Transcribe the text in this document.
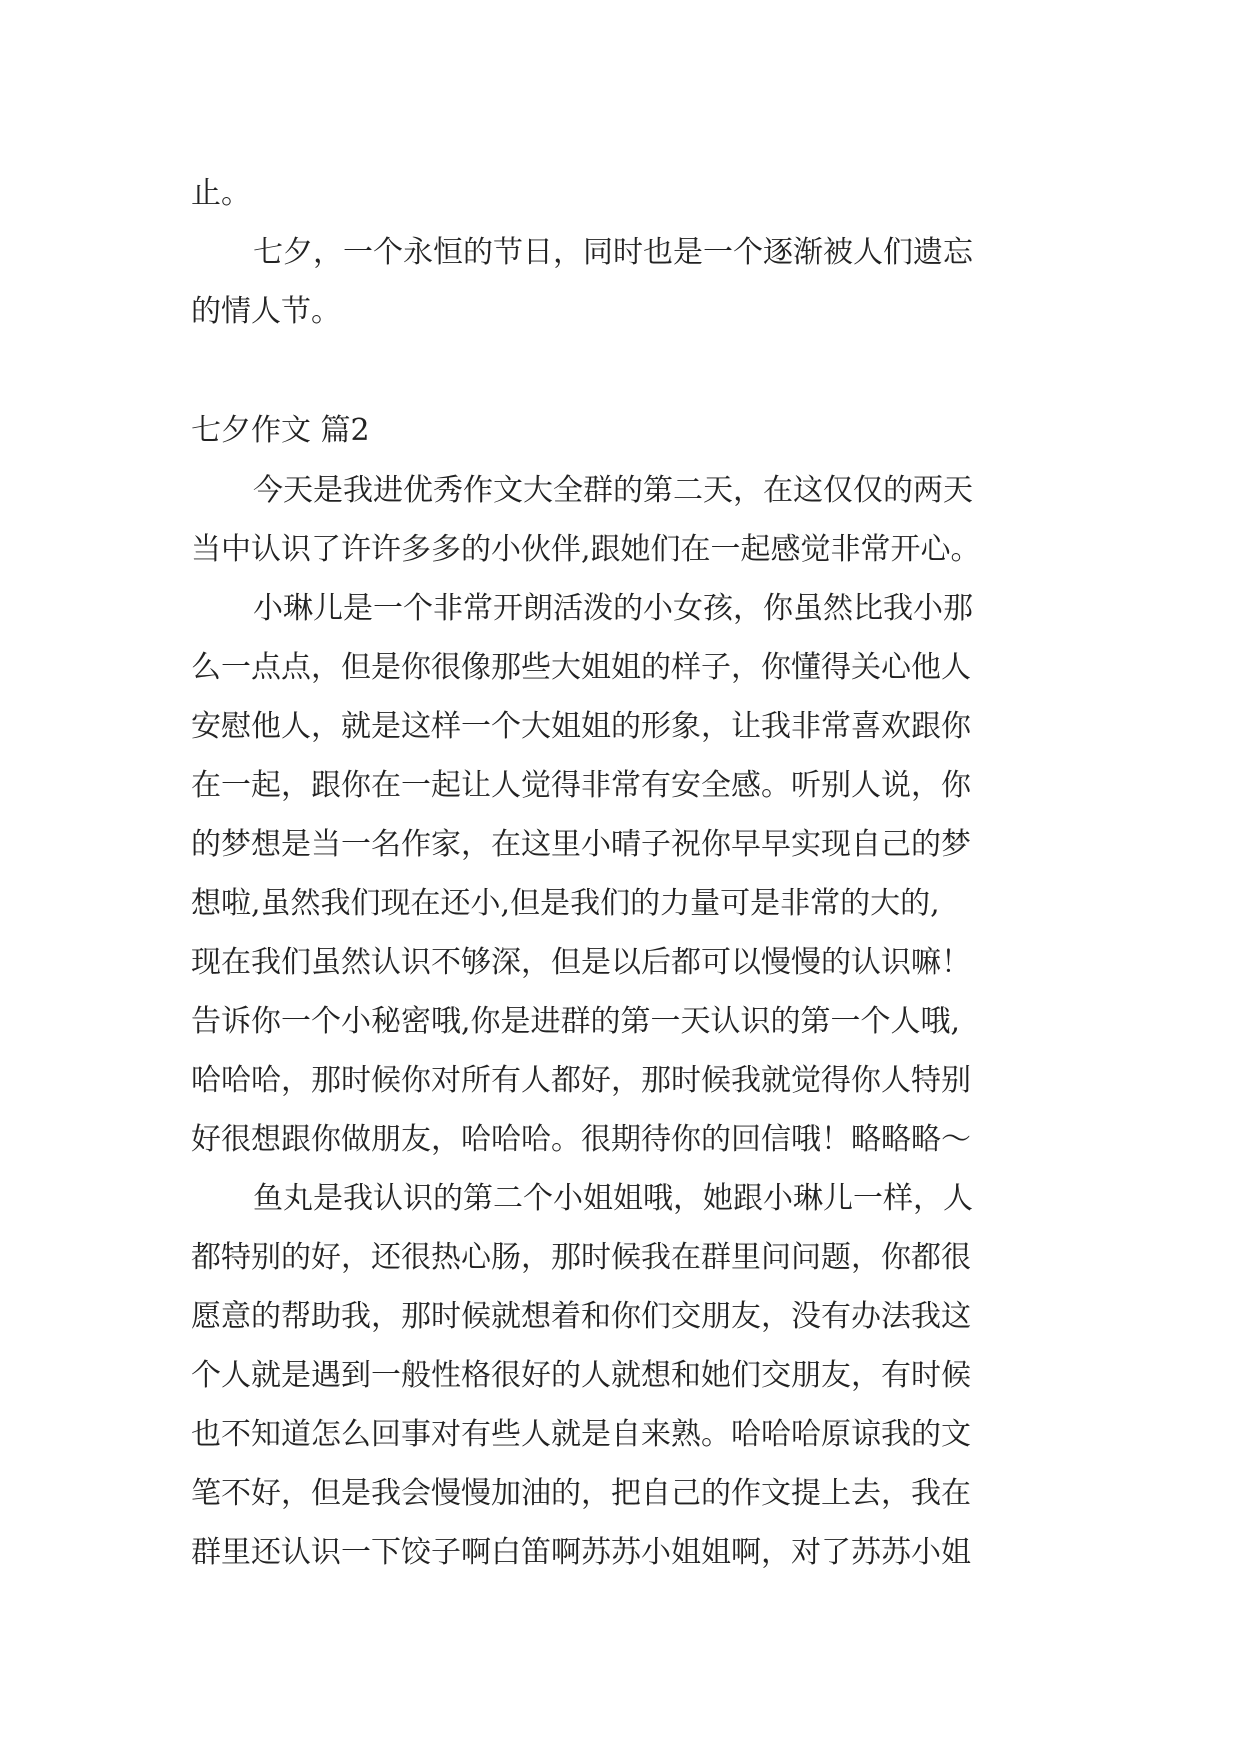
止。
七夕，一个永恒的节日，同时也是一个逐渐被人们遗忘
的情人节。
七夕作文 篇2
今天是我进优秀作文大全群的第二天，在这仅仅的两天
当中认识了许许多多的小伙伴,跟她们在一起感觉非常开心。
小琳儿是一个非常开朗活泼的小女孩，你虽然比我小那
么一点点，但是你很像那些大姐姐的样子，你懂得关心他人
安慰他人，就是这样一个大姐姐的形象，让我非常喜欢跟你
在一起，跟你在一起让人觉得非常有安全感。听别人说，你
的梦想是当一名作家，在这里小晴子祝你早早实现自己的梦
想啦,虽然我们现在还小,但是我们的力量可是非常的大的,
现在我们虽然认识不够深，但是以后都可以慢慢的认识嘛！
告诉你一个小秘密哦,你是进群的第一天认识的第一个人哦,
哈哈哈，那时候你对所有人都好，那时候我就觉得你人特别
好很想跟你做朋友，哈哈哈。很期待你的回信哦！略略略～
鱼丸是我认识的第二个小姐姐哦，她跟小琳儿一样，人
都特别的好，还很热心肠，那时候我在群里问问题，你都很
愿意的帮助我，那时候就想着和你们交朋友，没有办法我这
个人就是遇到一般性格很好的人就想和她们交朋友，有时候
也不知道怎么回事对有些人就是自来熟。哈哈哈原谅我的文
笔不好，但是我会慢慢加油的，把自己的作文提上去，我在
群里还认识一下饺子啊白笛啊苏苏小姐姐啊，对了苏苏小姐
